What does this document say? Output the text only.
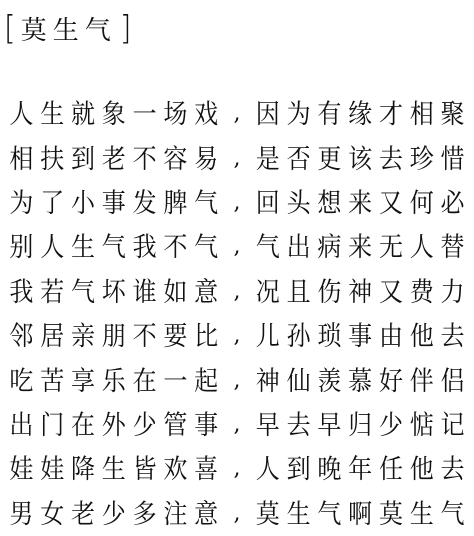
[ 莫生气 ]
人 生 就 象 一 场 戏 , 因 为 有 缘 才 相 聚
相 扶 到 老 不 容 易 , 是 否 更 该 去 珍 惜
为 了 小 事 发 脾 气 , 回 头 想 来 又 何 必
别 人 生 气 我 不 气 , 气 出 病 来 无 人 替
我 若 气 坏 谁 如 意 , 况 且 伤 神 又 费 力
邻 居 亲 朋 不 要 比 , 儿 孙 琐 事 由 他 去
吃 苦 享 乐 在 一 起 , 神 仙 羡 慕 好 伴 侣
出 门 在 外 少 管 事 , 早 去 早 归 少 惦 记
娃 娃 降 生 皆 欢 喜 , 人 到 晚 年 任 他 去
男 女 老 少 多 注 意 , 莫 生 气 啊 莫 生 气
